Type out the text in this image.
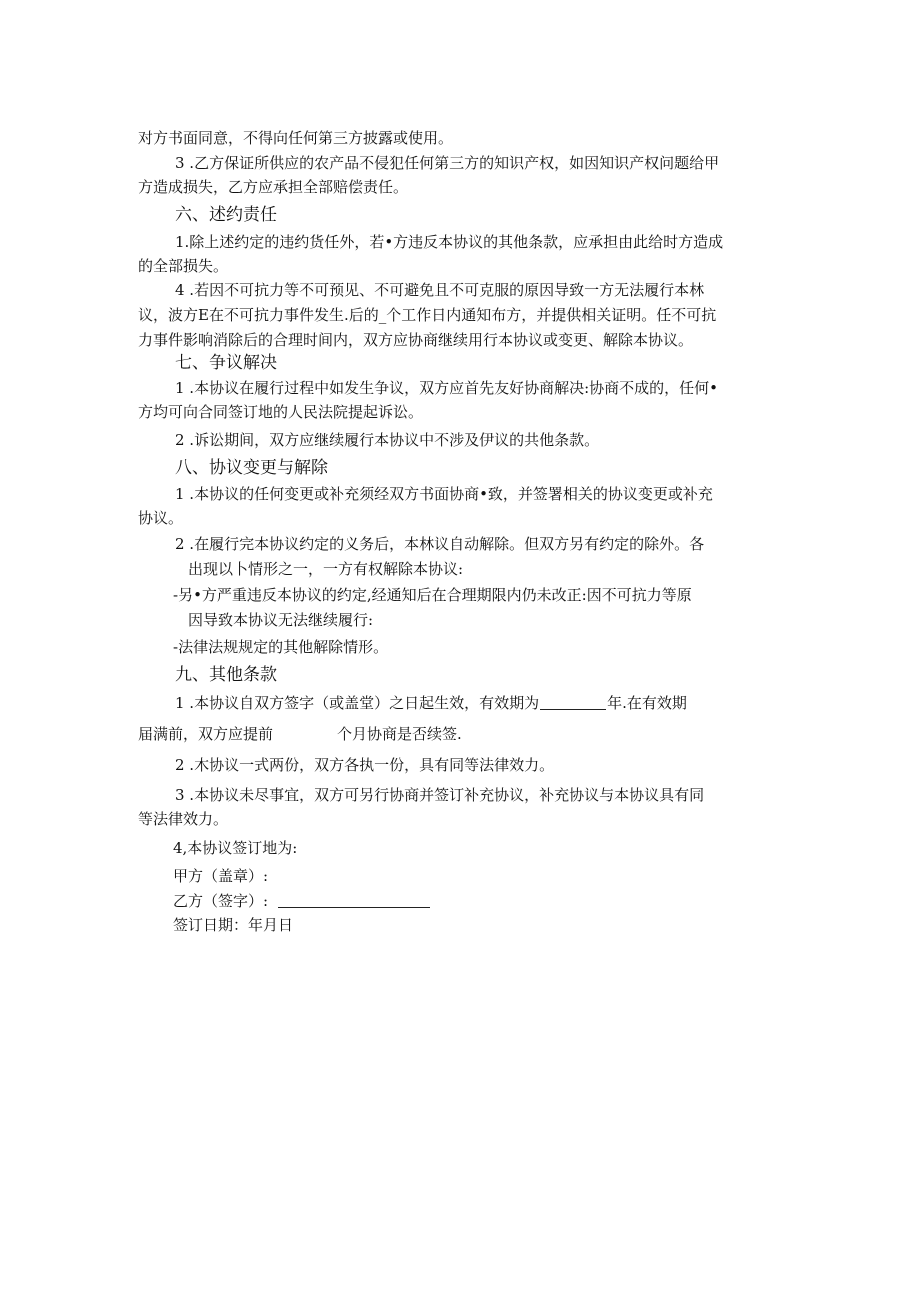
对方书面同意，不得向任何第三方披露或使用。
3 .乙方保证所供应的农产品不侵犯任何第三方的知识产权，如因知识产权问题给甲
方造成损失，乙方应承担全部赔偿责任。
六、述约责任
1.除上述约定的违约货任外，若•方违反本协议的其他条款，应承担由此给时方造成
的全部损失。
4 .若因不可抗力等不可预见、不可避免且不可克服的原因导致一方无法履行本林
议，波方E在不可抗力事件发生.后的_个工作日内通知布方，并提供相关证明。任不可抗
力事件影响消除后的合理时间内，双方应协商继续用行本协议或变更、解除本协议。
七、争议解决
1 .本协议在履行过程中如发生争议，双方应首先友好协商解决:协商不成的，任何•
方均可向合同签订地的人民法院提起诉讼。
2 .诉讼期间，双方应继续履行本协议中不涉及伊议的共他条款。
八、协议变更与解除
1 .本协议的任何变更或补充须经双方书面协商•致，并签署相关的协议变更或补充
协议。
2 .在履行完本协议约定的义务后，本林议自动解除。但双方另有约定的除外。各
出现以卜情形之一，一方有权解除本协议:
-另•方严重违反本协议的约定,经通知后在合理期限内仍未改正:因不可抗力等原
因导致本协议无法继续履行:
-法律法规规定的其他解除情形。
九、其他条款
1 .本协议自双方签字（或盖堂）之日起生效，有效期为	年.在有效期
届满前，双方应提前	个月协商是否续签.
2 .木协议一式两份，双方各执一份，具有同等法律效力。
3 .本协议未尽事宜，双方可另行协商并签订补充协议，补充协议与本协议具有同
等法律效力。
4,本协议签订地为:
甲方（盖章）:
乙方（签字）:
签订日期：年月日
